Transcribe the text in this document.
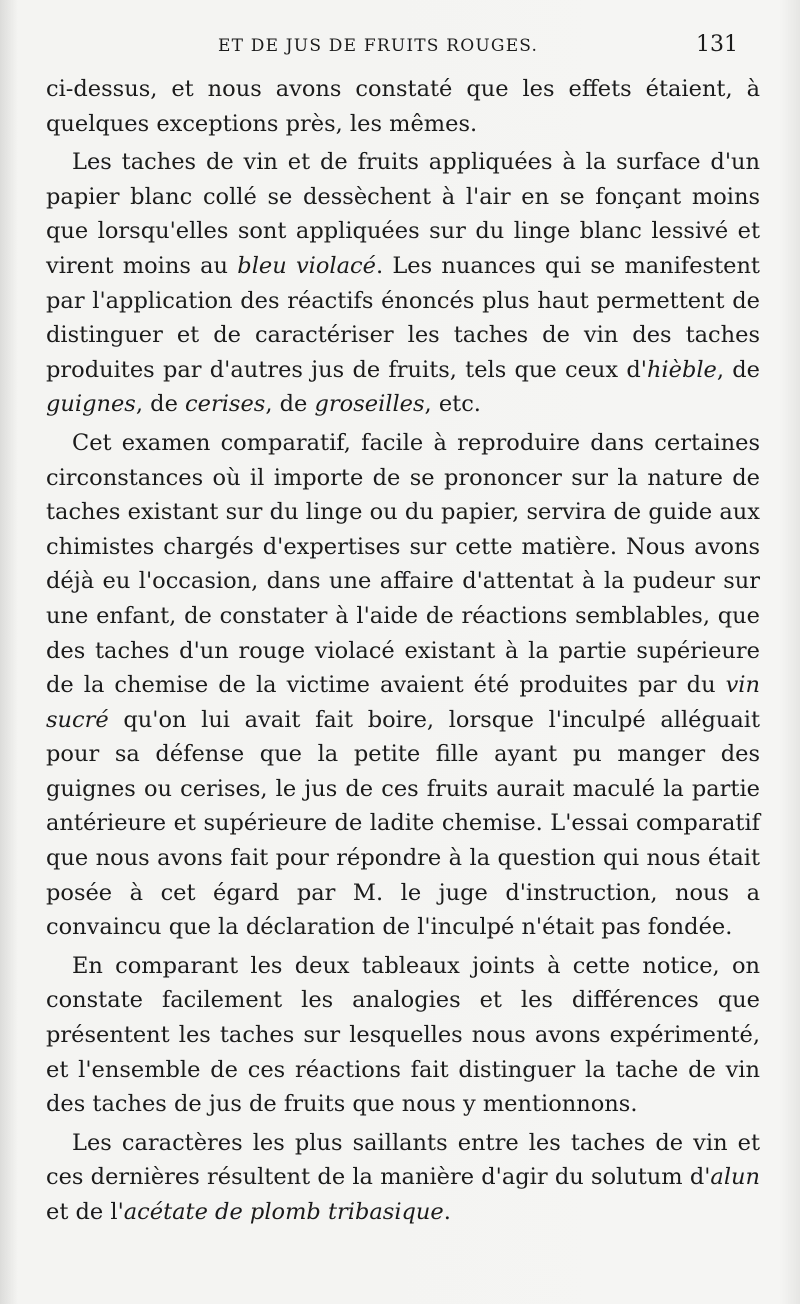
ET DE JUS DE FRUITS ROUGES.	131

ci-dessus, et nous avons constaté que les effets étaient, à quelques exceptions près, les mêmes.

Les taches de vin et de fruits appliquées à la surface d'un papier blanc collé se dessèchent à l'air en se fonçant moins que lorsqu'elles sont appliquées sur du linge blanc lessivé et virent moins au bleu violacé. Les nuances qui se manifestent par l'application des réactifs énoncés plus haut permettent de distinguer et de caractériser les taches de vin des taches produites par d'autres jus de fruits, tels que ceux d'hièble, de guignes, de cerises, de groseilles, etc.

Cet examen comparatif, facile à reproduire dans certaines circonstances où il importe de se prononcer sur la nature de taches existant sur du linge ou du papier, servira de guide aux chimistes chargés d'expertises sur cette matière. Nous avons déjà eu l'occasion, dans une affaire d'attentat à la pudeur sur une enfant, de constater à l'aide de réactions semblables, que des taches d'un rouge violacé existant à la partie supérieure de la chemise de la victime avaient été produites par du vin sucré qu'on lui avait fait boire, lorsque l'inculpé alléguait pour sa défense que la petite fille ayant pu manger des guignes ou cerises, le jus de ces fruits aurait maculé la partie antérieure et supérieure de ladite chemise. L'essai comparatif que nous avons fait pour répondre à la question qui nous était posée à cet égard par M. le juge d'instruction, nous a convaincu que la déclaration de l'inculpé n'était pas fondée.

En comparant les deux tableaux joints à cette notice, on constate facilement les analogies et les différences que présentent les taches sur lesquelles nous avons expérimenté, et l'ensemble de ces réactions fait distinguer la tache de vin des taches de jus de fruits que nous y mentionnons.

Les caractères les plus saillants entre les taches de vin et ces dernières résultent de la manière d'agir du solutum d'alun et de l'acétate de plomb tribasique.
